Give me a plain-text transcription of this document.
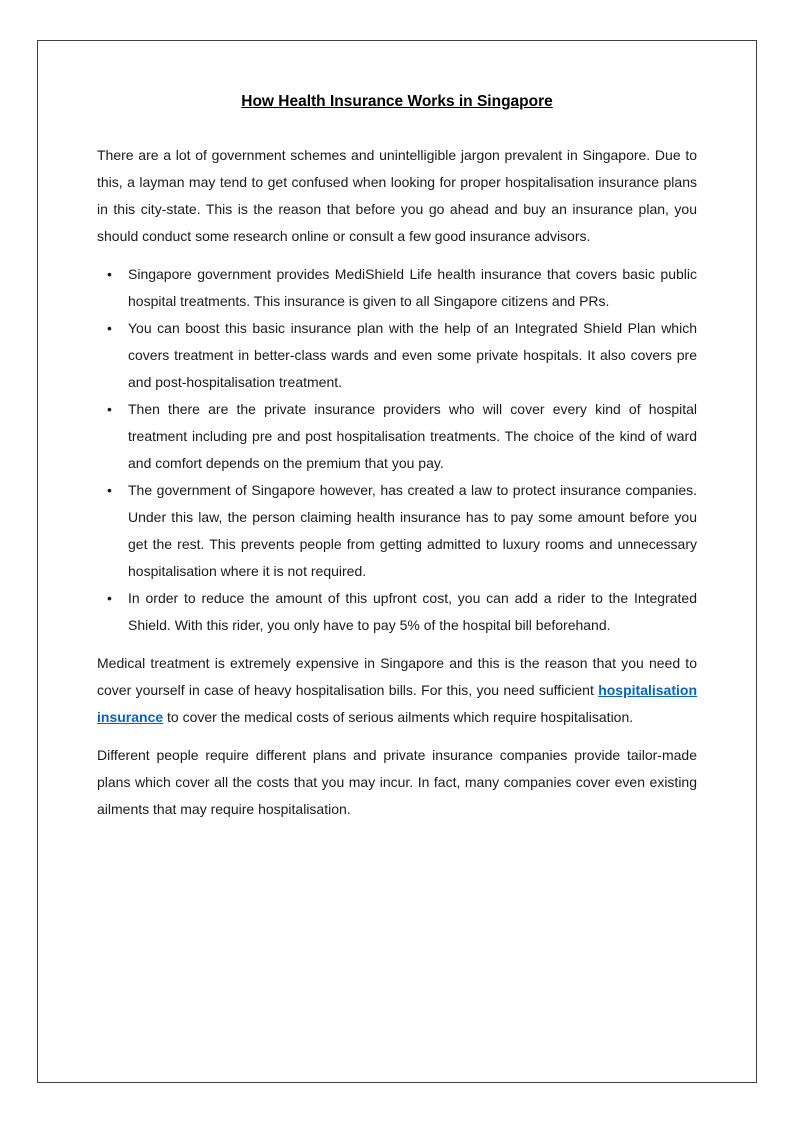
How Health Insurance Works in Singapore

There are a lot of government schemes and unintelligible jargon prevalent in Singapore. Due to this, a layman may tend to get confused when looking for proper hospitalisation insurance plans in this city-state. This is the reason that before you go ahead and buy an insurance plan, you should conduct some research online or consult a few good insurance advisors.

• Singapore government provides MediShield Life health insurance that covers basic public hospital treatments. This insurance is given to all Singapore citizens and PRs.
• You can boost this basic insurance plan with the help of an Integrated Shield Plan which covers treatment in better-class wards and even some private hospitals. It also covers pre and post-hospitalisation treatment.
• Then there are the private insurance providers who will cover every kind of hospital treatment including pre and post hospitalisation treatments. The choice of the kind of ward and comfort depends on the premium that you pay.
• The government of Singapore however, has created a law to protect insurance companies. Under this law, the person claiming health insurance has to pay some amount before you get the rest. This prevents people from getting admitted to luxury rooms and unnecessary hospitalisation where it is not required.
• In order to reduce the amount of this upfront cost, you can add a rider to the Integrated Shield. With this rider, you only have to pay 5% of the hospital bill beforehand.

Medical treatment is extremely expensive in Singapore and this is the reason that you need to cover yourself in case of heavy hospitalisation bills. For this, you need sufficient hospitalisation insurance to cover the medical costs of serious ailments which require hospitalisation.

Different people require different plans and private insurance companies provide tailor-made plans which cover all the costs that you may incur. In fact, many companies cover even existing ailments that may require hospitalisation.
